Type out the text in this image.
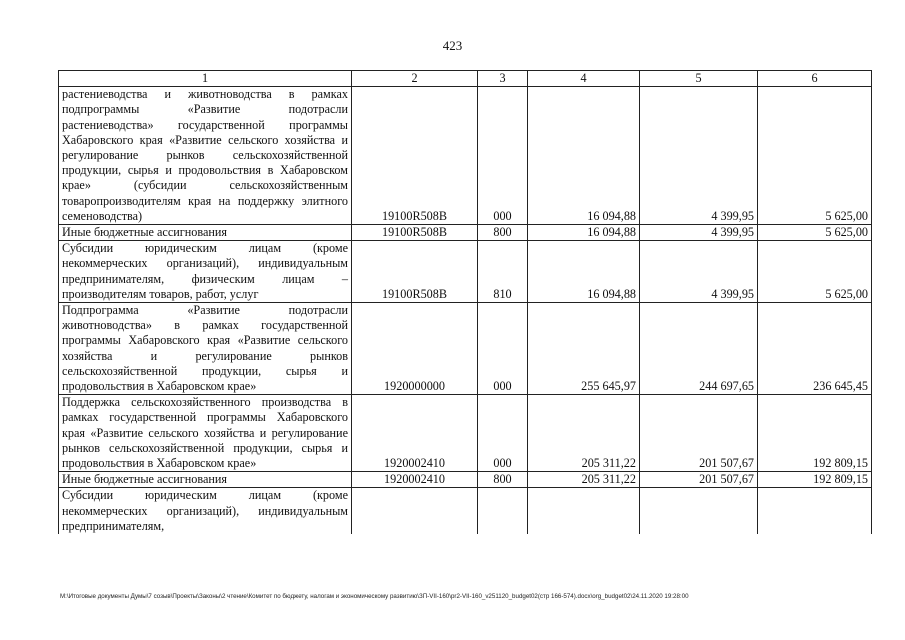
423
1	2	3	4	5	6
растениеводства и животноводства в рамках подпрограммы «Развитие подотрасли растениеводства» государственной программы Хабаровского края «Развитие сельского хозяйства и регулирование рынков сельскохозяйственной продукции, сырья и продовольствия в Хабаровском крае» (субсидии сельскохозяйственным товаропроизводителям края на поддержку элитного семеноводства)	19100R508B	000	16 094,88	4 399,95	5 625,00
Иные бюджетные ассигнования	19100R508B	800	16 094,88	4 399,95	5 625,00
Субсидии юридическим лицам (кроме некоммерческих организаций), индивидуальным предпринимателям, физическим лицам – производителям товаров, работ, услуг	19100R508B	810	16 094,88	4 399,95	5 625,00
Подпрограмма «Развитие подотрасли животноводства» в рамках государственной программы Хабаровского края «Развитие сельского хозяйства и регулирование рынков сельскохозяйственной продукции, сырья и продовольствия в Хабаровском крае»	1920000000	000	255 645,97	244 697,65	236 645,45
Поддержка сельскохозяйственного производства в рамках государственной программы Хабаровского края «Развитие сельского хозяйства и регулирование рынков сельскохозяйственной продукции, сырья и продовольствия в Хабаровском крае»	1920002410	000	205 311,22	201 507,67	192 809,15
Иные бюджетные ассигнования	1920002410	800	205 311,22	201 507,67	192 809,15
Субсидии юридическим лицам (кроме некоммерческих организаций), индивидуальным предпринимателям,					
M:\Итоговые документы Думы\7 созыв\Проекты\Законы\2 чтение\Комитет по бюджету, налогам и экономическому развитию\ЗП-VII-160\pr2-VII-160_v251120_budget02(стр 166-574).docx\org_budget02\24.11.2020 19:28:00
